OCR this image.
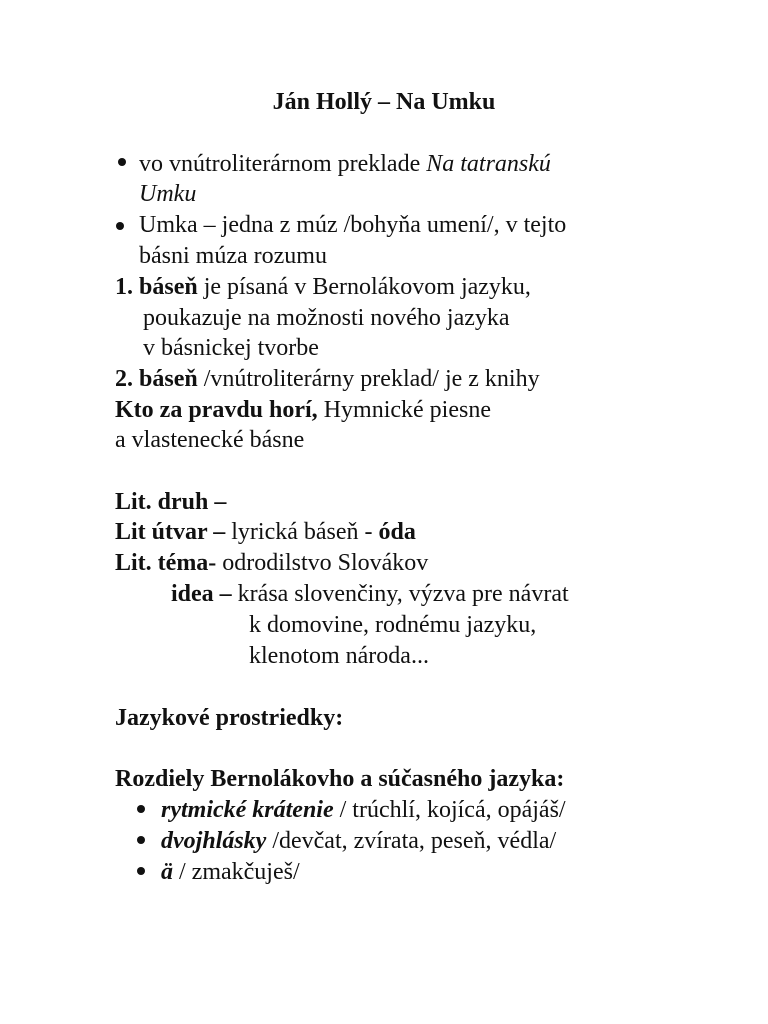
Ján Hollý – Na Umku
vo vnútroliterárnom preklade Na tatranskú
Umku
Umka – jedna z múz /bohyňa umení/, v tejto
básni múza rozumu
1. báseň je písaná v Bernolákovom jazyku,
poukazuje na možnosti nového jazyka
v básnickej tvorbe
2. báseň /vnútroliterárny preklad/ je z knihy
Kto za pravdu horí, Hymnické piesne
a vlastenecké básne
Lit. druh –
Lit útvar – lyrická báseň - óda
Lit. téma- odrodilstvo Slovákov
idea – krása slovenčiny, výzva pre návrat
k domovine, rodnému jazyku,
klenotom národa...
Jazykové prostriedky:
Rozdiely Bernolákovho a súčasného jazyka:
rytmické krátenie / trúchlí, kojícá, opájáš/
dvojhlásky /devčat, zvírata, peseň, védla/
ä / zmakčuješ/
